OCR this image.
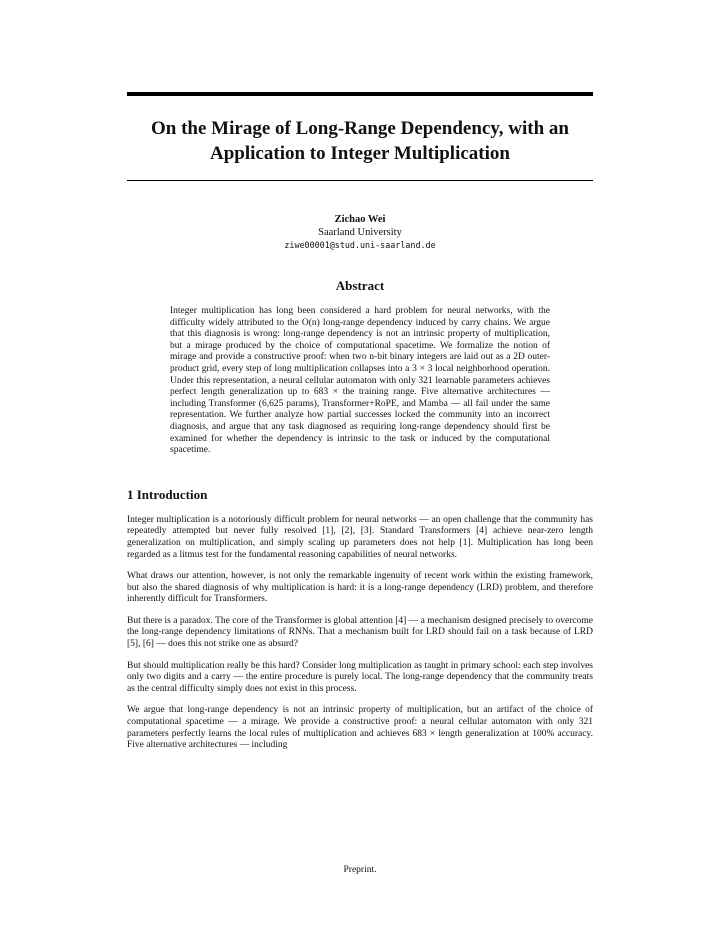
On the Mirage of Long-Range Dependency, with an Application to Integer Multiplication
Zichao Wei
Saarland University
ziwe00001@stud.uni-saarland.de
Abstract
Integer multiplication has long been considered a hard problem for neural networks, with the difficulty widely attributed to the O(n) long-range dependency induced by carry chains. We argue that this diagnosis is wrong: long-range dependency is not an intrinsic property of multiplication, but a mirage produced by the choice of computational spacetime. We formalize the notion of mirage and provide a constructive proof: when two n-bit binary integers are laid out as a 2D outer-product grid, every step of long multiplication collapses into a 3 × 3 local neighborhood operation. Under this representation, a neural cellular automaton with only 321 learnable parameters achieves perfect length generalization up to 683 × the training range. Five alternative architectures — including Transformer (6,625 params), Transformer+RoPE, and Mamba — all fail under the same representation. We further analyze how partial successes locked the community into an incorrect diagnosis, and argue that any task diagnosed as requiring long-range dependency should first be examined for whether the dependency is intrinsic to the task or induced by the computational spacetime.
1 Introduction
Integer multiplication is a notoriously difficult problem for neural networks — an open challenge that the community has repeatedly attempted but never fully resolved [1], [2], [3]. Standard Transformers [4] achieve near-zero length generalization on multiplication, and simply scaling up parameters does not help [1]. Multiplication has long been regarded as a litmus test for the fundamental reasoning capabilities of neural networks.
What draws our attention, however, is not only the remarkable ingenuity of recent work within the existing framework, but also the shared diagnosis of why multiplication is hard: it is a long-range dependency (LRD) problem, and therefore inherently difficult for Transformers.
But there is a paradox. The core of the Transformer is global attention [4] — a mechanism designed precisely to overcome the long-range dependency limitations of RNNs. That a mechanism built for LRD should fail on a task because of LRD [5], [6] — does this not strike one as absurd?
But should multiplication really be this hard? Consider long multiplication as taught in primary school: each step involves only two digits and a carry — the entire procedure is purely local. The long-range dependency that the community treats as the central difficulty simply does not exist in this process.
We argue that long-range dependency is not an intrinsic property of multiplication, but an artifact of the choice of computational spacetime — a mirage. We provide a constructive proof: a neural cellular automaton with only 321 parameters perfectly learns the local rules of multiplication and achieves 683 × length generalization at 100% accuracy. Five alternative architectures — including
Preprint.
